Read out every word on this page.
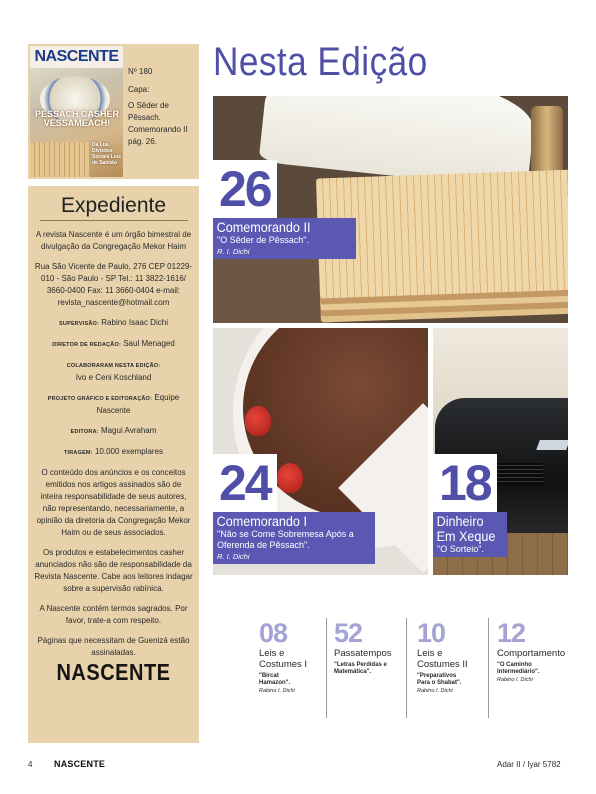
NASCENTE
PESSACH CASHER VESSAMEACH!
Da Lua Divisões Sociais Leis de Salmão
Nº 180
Capa:
O Sêder de Pêssach. Comemorando II pág. 26.
Expediente
A revista Nascente é um órgão bimestral de divulgação da Congregação Mekor Haim
Rua São Vicente de Paulo, 276 CEP 01229-010 - São Paulo - SP Tel.: 11 3822-1616/ 3660-0400 Fax: 11 3660-0404 e-mail: revista_nascente@hotmail.com
SUPERVISÃO: Rabino Isaac Dichi
DIRETOR DE REDAÇÃO: Saul Menaged
COLABORARAM NESTA EDIÇÃO:
Ivo e Ceni Koschland
PROJETO GRÁFICO E EDITORAÇÃO: Equipe Nascente
EDITORA: Magui Avraham
TIRAGEM: 10.000 exemplares
O conteúdo dos anúncios e os conceitos emitidos nos artigos assinados são de inteira responsabilidade de seus autores, não representando, necessariamente, a opinião da diretoria da Congregação Mekor Haim ou de seus associados.
Os produtos e estabelecimentos casher anunciados não são de responsabilidade da Revista Nascente. Cabe aos leitores indagar sobre a supervisão rabínica.
A Nascente contém termos sagrados. Por favor, trate-a com respeito.
Páginas que necessitam de Guenizá estão assinaladas.
NASCENTE
Nesta Edição
26
Comemorando II
"O Sêder de Pêssach".
R. I. Dichi
24
Comemorando I
"Não se Come Sobremesa Após a Oferenda de Pêssach".
R. I. Dichi
18
Dinheiro Em Xeque
"O Sorteio".
08
Leis e Costumes I
"Bircat Hamazon".
Rabino I. Dichi
52
Passatempos
"Letras Perdidas e Matemática".
10
Leis e Costumes II
"Preparativos Para o Shabat".
Rabino I. Dichi
12
Comportamento
"O Caminho Intermediário".
Rabino I. Dichi
4 NASCENTE	Adar II / Iyar 5782
